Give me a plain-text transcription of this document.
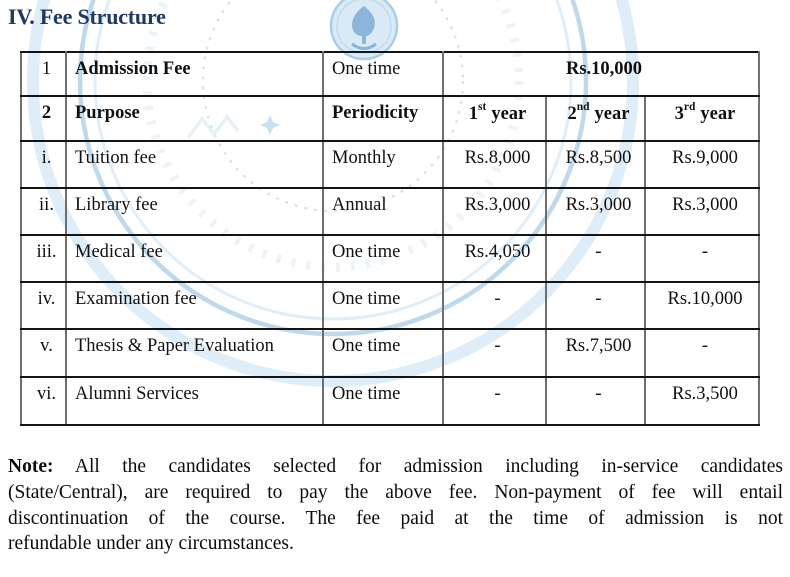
IV. Fee Structure
1	Admission Fee	One time	Rs.10,000		
2	Purpose	Periodicity	1st year	2nd year	3rd year
i.	Tuition fee	Monthly	Rs.8,000	Rs.8,500	Rs.9,000
ii.	Library fee	Annual	Rs.3,000	Rs.3,000	Rs.3,000
iii.	Medical fee	One time	Rs.4,050	-	-
iv.	Examination fee	One time	-	-	Rs.10,000
v.	Thesis & Paper Evaluation	One time	-	Rs.7,500	-
vi.	Alumni Services	One time	-	-	Rs.3,500
Note: All the candidates selected for admission including in-service candidates
(State/Central), are required to pay the above fee. Non-payment of fee will entail
discontinuation of the course. The fee paid at the time of admission is not
refundable under any circumstances.
